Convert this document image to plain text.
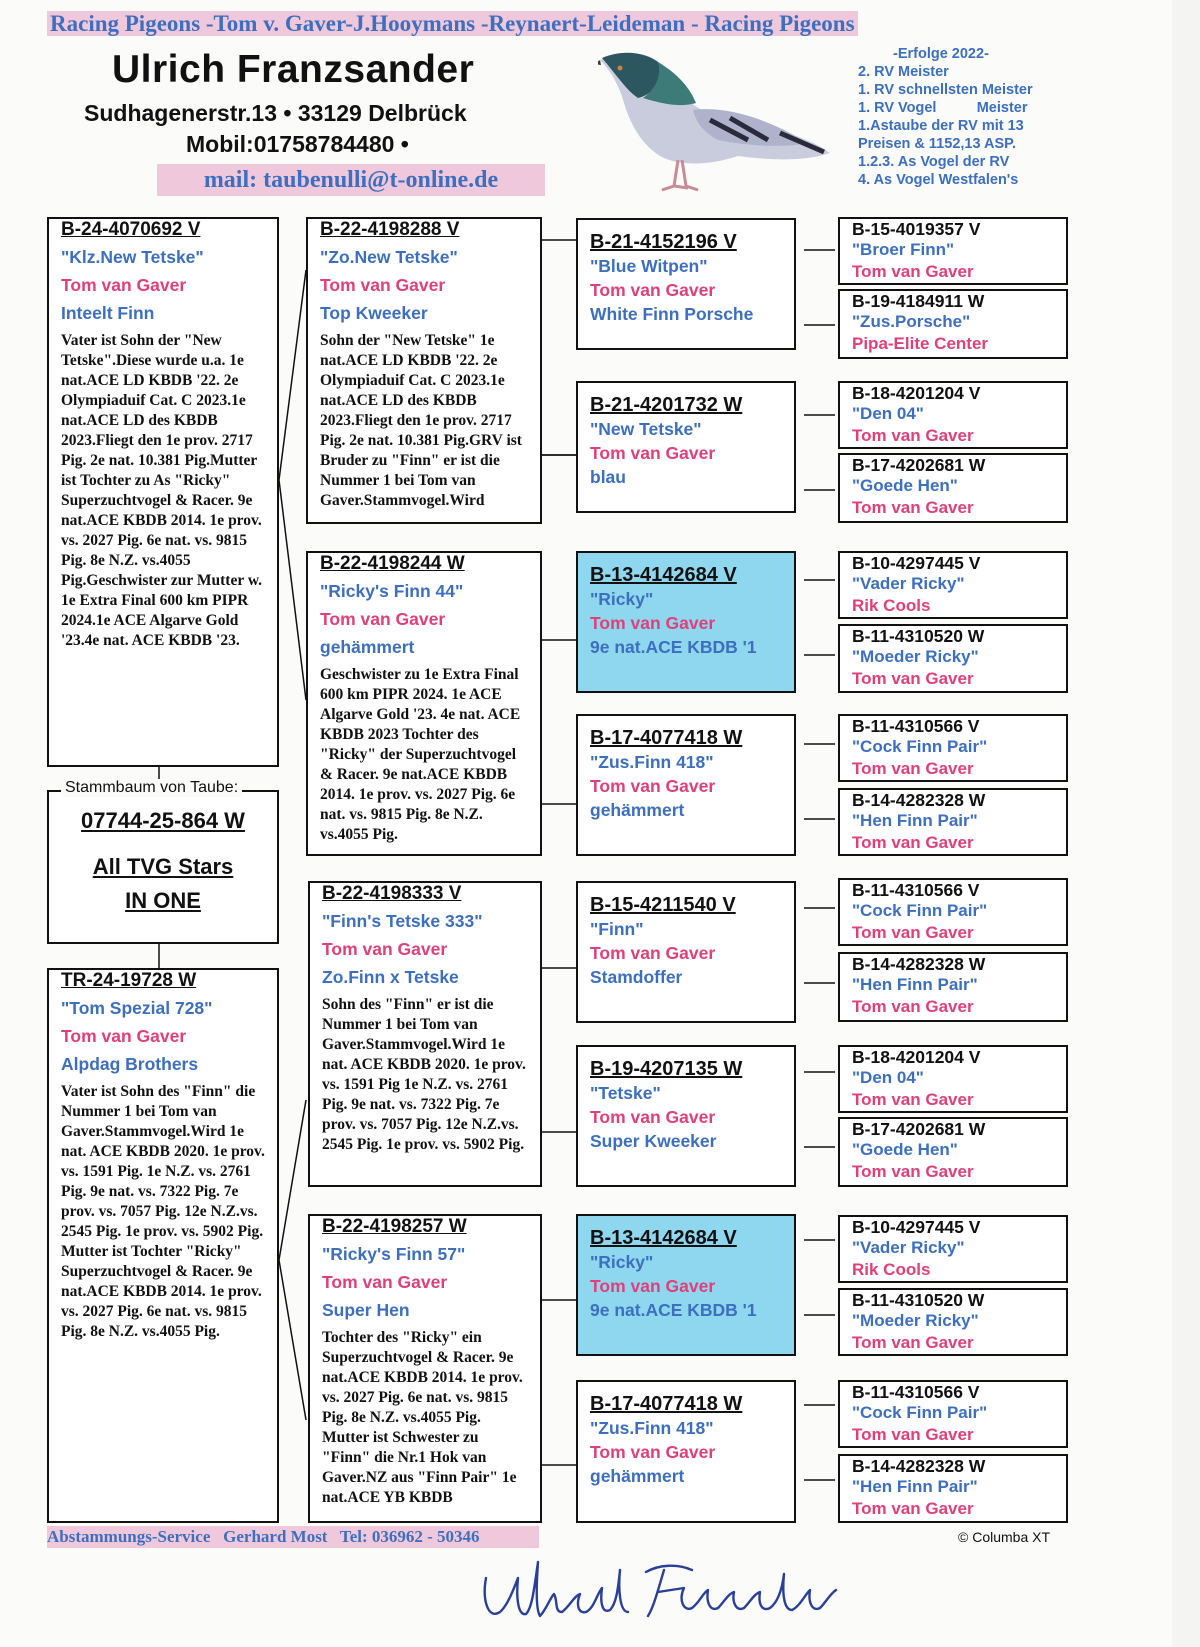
Racing Pigeons -Tom v. Gaver-J.Hooymans -Reynaert-Leideman - Racing Pigeons
Ulrich Franzsander
Sudhagenerstr.13 • 33129 Delbrück
Mobil:01758784480 •
mail: taubenulli@t-online.de
-Erfolge 2022-
2. RV Meister
1. RV schnellsten Meister
1. RV Vogel          Meister
1.Astaube der RV mit 13
Preisen & 1152,13 ASP.
1.2.3. As Vogel der RV
4. As Vogel Westfalen's
B-24-4070692 V
"Klz.New Tetske"
Tom van Gaver
Inteelt Finn
Vater ist Sohn der "New Tetske".Diese wurde u.a. 1e nat.ACE LD KBDB '22. 2e Olympiaduif Cat. C 2023.1e nat.ACE LD des KBDB 2023.Fliegt den 1e prov. 2717 Pig. 2e nat. 10.381 Pig.Mutter ist Tochter zu As "Ricky" Superzuchtvogel & Racer. 9e nat.ACE KBDB 2014. 1e prov. vs. 2027 Pig. 6e nat. vs. 9815 Pig. 8e N.Z. vs.4055 Pig.Geschwister zur Mutter w. 1e Extra Final 600 km PIPR 2024.1e ACE Algarve Gold '23.4e nat. ACE KBDB '23.
Stammbaum von Taube:
07744-25-864 W
All TVG Stars
IN ONE
TR-24-19728 W
"Tom Spezial 728"
Tom van Gaver
Alpdag Brothers
Vater ist Sohn des "Finn" die Nummer 1 bei Tom van Gaver.Stammvogel.Wird 1e nat. ACE KBDB 2020. 1e prov. vs. 1591 Pig. 1e N.Z. vs. 2761 Pig. 9e nat. vs. 7322 Pig. 7e prov. vs. 7057 Pig. 12e N.Z.vs. 2545 Pig. 1e prov. vs. 5902 Pig. Mutter ist Tochter "Ricky" Superzuchtvogel & Racer. 9e nat.ACE KBDB 2014. 1e prov. vs. 2027 Pig. 6e nat. vs. 9815 Pig. 8e N.Z. vs.4055 Pig.
B-22-4198288 V
"Zo.New Tetske"
Tom van Gaver
Top Kweeker
Sohn der "New Tetske" 1e nat.ACE LD KBDB '22. 2e Olympiaduif Cat. C 2023.1e nat.ACE LD des KBDB 2023.Fliegt den 1e prov. 2717 Pig. 2e nat. 10.381 Pig.GRV ist Bruder zu "Finn" er ist die Nummer 1 bei Tom van Gaver.Stammvogel.Wird
B-22-4198244 W
"Ricky's Finn 44"
Tom van Gaver
gehämmert
Geschwister zu 1e Extra Final 600 km PIPR 2024. 1e ACE Algarve Gold '23. 4e nat. ACE KBDB 2023 Tochter des "Ricky" der Superzuchtvogel & Racer. 9e nat.ACE KBDB 2014. 1e prov. vs. 2027 Pig. 6e nat. vs. 9815 Pig. 8e N.Z. vs.4055 Pig.
B-22-4198333 V
"Finn's Tetske 333"
Tom van Gaver
Zo.Finn x Tetske
Sohn des "Finn" er ist die Nummer 1 bei Tom van Gaver.Stammvogel.Wird 1e nat. ACE KBDB 2020. 1e prov. vs. 1591 Pig 1e N.Z. vs. 2761 Pig. 9e nat. vs. 7322 Pig. 7e prov. vs. 7057 Pig. 12e N.Z.vs. 2545 Pig. 1e prov. vs. 5902 Pig.
B-22-4198257 W
"Ricky's Finn 57"
Tom van Gaver
Super Hen
Tochter des "Ricky" ein Superzuchtvogel & Racer. 9e nat.ACE KBDB 2014. 1e prov. vs. 2027 Pig. 6e nat. vs. 9815 Pig. 8e N.Z. vs.4055 Pig. Mutter ist Schwester zu "Finn" die Nr.1 Hok van Gaver.NZ aus "Finn Pair" 1e nat.ACE YB KBDB
B-21-4152196 V
"Blue Witpen"
Tom van Gaver
White Finn Porsche
B-21-4201732 W
"New Tetske"
Tom van Gaver
blau
B-13-4142684 V
"Ricky"
Tom van Gaver
9e nat.ACE KBDB '1
B-17-4077418 W
"Zus.Finn 418"
Tom van Gaver
gehämmert
B-15-4211540 V
"Finn"
Tom van Gaver
Stamdoffer
B-19-4207135 W
"Tetske"
Tom van Gaver
Super Kweeker
B-13-4142684 V
"Ricky"
Tom van Gaver
9e nat.ACE KBDB '1
B-17-4077418 W
"Zus.Finn 418"
Tom van Gaver
gehämmert
B-15-4019357 V
"Broer Finn"
Tom van Gaver
B-19-4184911 W
"Zus.Porsche"
Pipa-Elite Center
B-18-4201204 V
"Den 04"
Tom van Gaver
B-17-4202681 W
"Goede Hen"
Tom van Gaver
B-10-4297445 V
"Vader Ricky"
Rik Cools
B-11-4310520 W
"Moeder Ricky"
Tom van Gaver
B-11-4310566 V
"Cock Finn Pair"
Tom van Gaver
B-14-4282328 W
"Hen Finn Pair"
Tom van Gaver
B-11-4310566 V
"Cock Finn Pair"
Tom van Gaver
B-14-4282328 W
"Hen Finn Pair"
Tom van Gaver
B-18-4201204 V
"Den 04"
Tom van Gaver
B-17-4202681 W
"Goede Hen"
Tom van Gaver
B-10-4297445 V
"Vader Ricky"
Rik Cools
B-11-4310520 W
"Moeder Ricky"
Tom van Gaver
B-11-4310566 V
"Cock Finn Pair"
Tom van Gaver
B-14-4282328 W
"Hen Finn Pair"
Tom van Gaver
Abstammungs-Service   Gerhard Most   Tel: 036962 - 50346	© Columba XT
